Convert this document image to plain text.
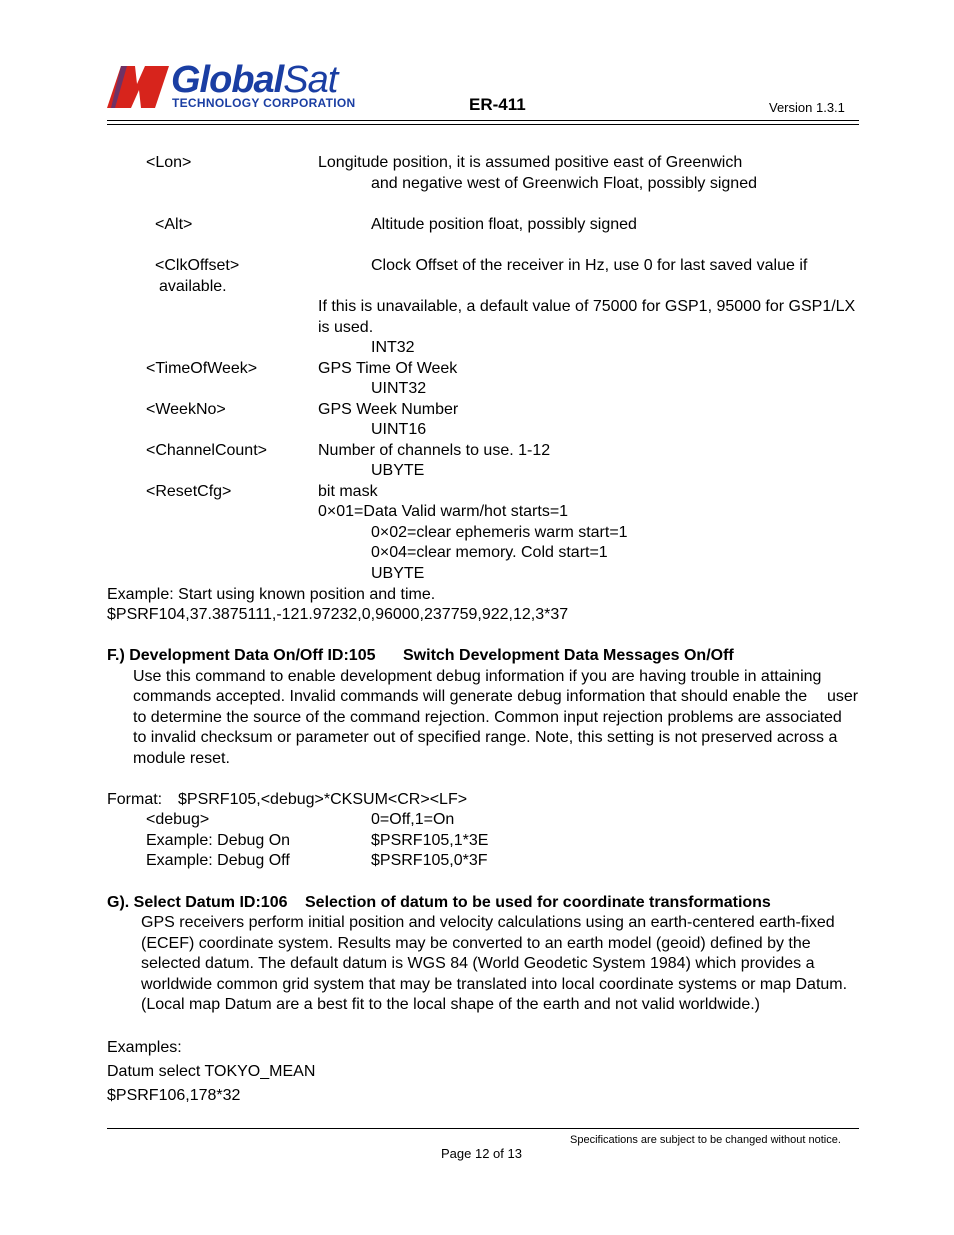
GlobalSat
TECHNOLOGY CORPORATION	ER-411	Version 1.3.1
<Lon>	Longitude position, it is assumed positive east of Greenwich
and negative west of Greenwich Float, possibly signed
<Alt>	Altitude position float, possibly signed
<ClkOffset>	Clock Offset of the receiver in Hz, use 0 for last saved value if
available.
If this is unavailable, a default value of 75000 for GSP1, 95000 for GSP1/LX
is used.
INT32
<TimeOfWeek>	GPS Time Of Week
UINT32
<WeekNo>	GPS Week Number
UINT16
<ChannelCount>	Number of channels to use. 1-12
UBYTE
<ResetCfg>	bit mask
0×01=Data Valid warm/hot starts=1
0×02=clear ephemeris warm start=1
0×04=clear memory. Cold start=1
UBYTE
Example: Start using known position and time.
$PSRF104,37.3875111,-121.97232,0,96000,237759,922,12,3*37
F.) Development Data On/Off ID:105 Switch Development Data Messages On/Off
Use this command to enable development debug information if you are having trouble in attaining
commands accepted. Invalid commands will generate debug information that should enable the user
to determine the source of the command rejection. Common input rejection problems are associated
to invalid checksum or parameter out of specified range. Note, this setting is not preserved across a
module reset.
Format: $PSRF105,<debug>*CKSUM<CR><LF>
<debug>	0=Off,1=On
Example: Debug On	$PSRF105,1*3E
Example: Debug Off	$PSRF105,0*3F
G). Select Datum ID:106 Selection of datum to be used for coordinate transformations
GPS receivers perform initial position and velocity calculations using an earth-centered earth-fixed
(ECEF) coordinate system. Results may be converted to an earth model (geoid) defined by the
selected datum. The default datum is WGS 84 (World Geodetic System 1984) which provides a
worldwide common grid system that may be translated into local coordinate systems or map Datum.
(Local map Datum are a best fit to the local shape of the earth and not valid worldwide.)
Examples:
Datum select TOKYO_MEAN
$PSRF106,178*32
Specifications are subject to be changed without notice.
Page 12 of 13
